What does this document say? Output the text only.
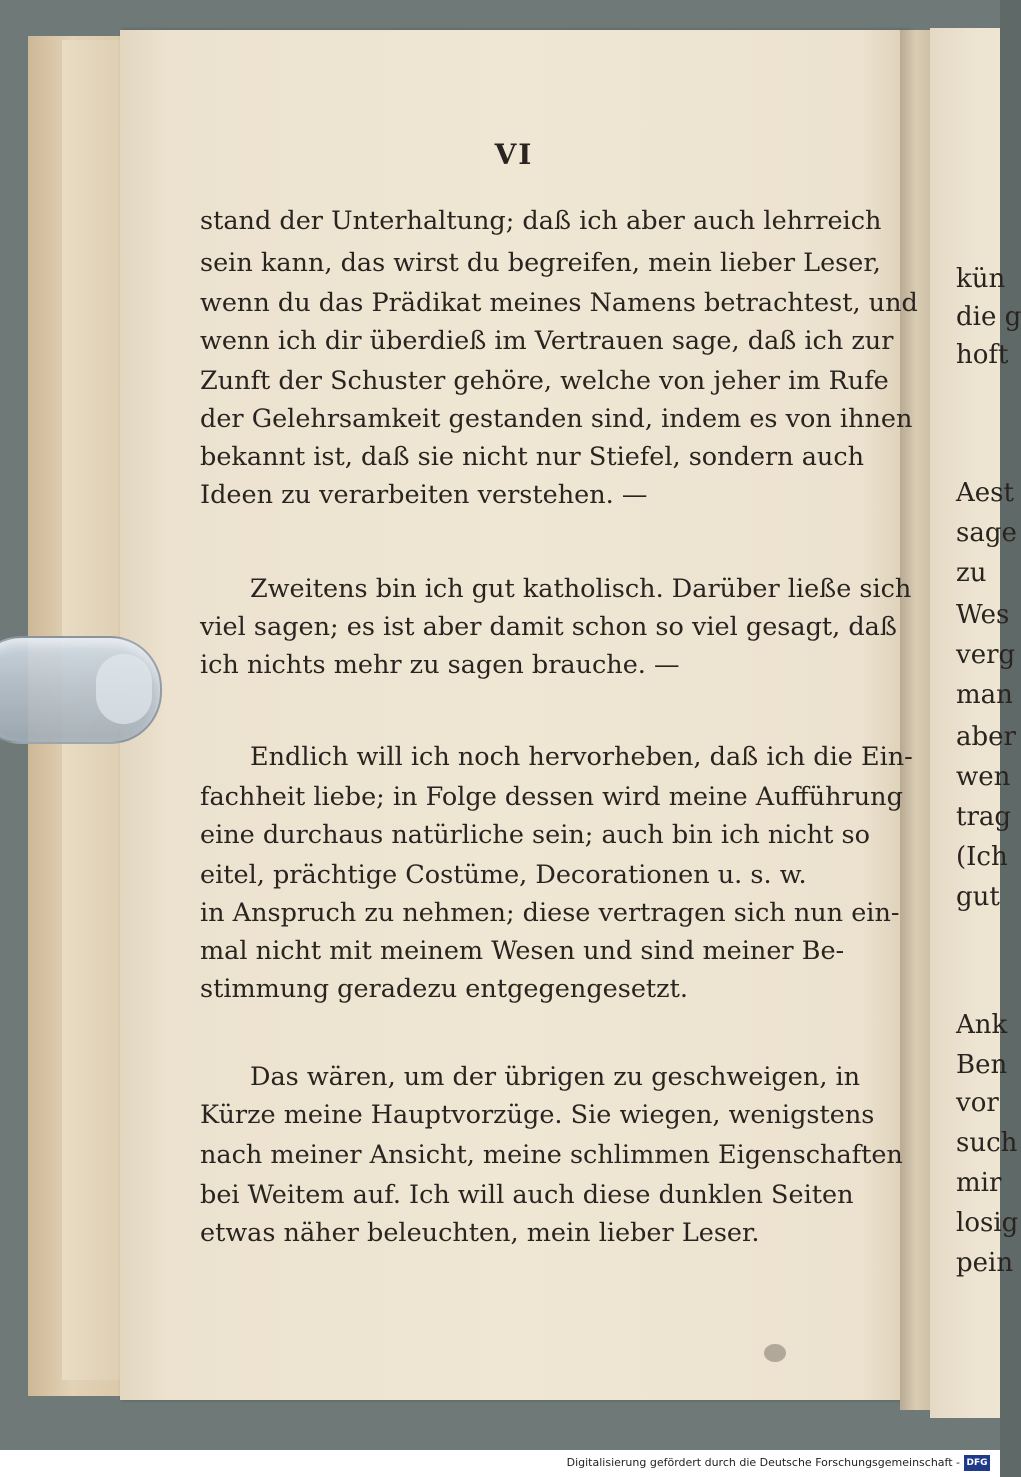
kün
die g
hoft
Aest
sage
zu
Wes
verg
man
aber
wen
trag
(Ich
gut
Ank
Ben
vor
such
mir
losig
pein
VI
stand der Unterhaltung; daß ich aber auch lehrreich
sein kann, das wirst du begreifen, mein lieber Leser,
wenn du das Prädikat meines Namens betrachtest, und
wenn ich dir überdieß im Vertrauen sage, daß ich zur
Zunft der Schuster gehöre, welche von jeher im Rufe
der Gelehrsamkeit gestanden sind, indem es von ihnen
bekannt ist, daß sie nicht nur Stiefel, sondern auch
Ideen zu verarbeiten verstehen. —
Zweitens bin ich gut katholisch. Darüber ließe sich
viel sagen; es ist aber damit schon so viel gesagt, daß
ich nichts mehr zu sagen brauche. —
Endlich will ich noch hervorheben, daß ich die Ein-
fachheit liebe; in Folge dessen wird meine Aufführung
eine durchaus natürliche sein; auch bin ich nicht so
eitel, prächtige Costüme, Decorationen u. s. w.
in Anspruch zu nehmen; diese vertragen sich nun ein-
mal nicht mit meinem Wesen und sind meiner Be-
stimmung geradezu entgegengesetzt.
Das wären, um der übrigen zu geschweigen, in
Kürze meine Hauptvorzüge. Sie wiegen, wenigstens
nach meiner Ansicht, meine schlimmen Eigenschaften
bei Weitem auf. Ich will auch diese dunklen Seiten
etwas näher beleuchten, mein lieber Leser.
Digitalisierung gefördert durch die Deutsche Forschungsgemeinschaft - DFG
